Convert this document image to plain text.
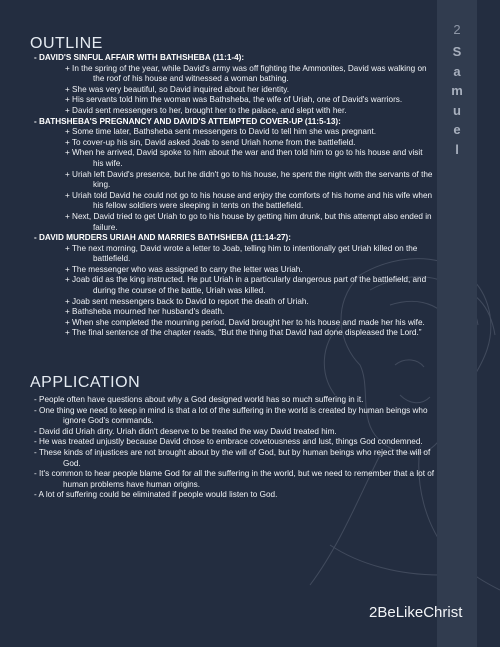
2
S
a
m
u
e
l
OUTLINE
- DAVID'S SINFUL AFFAIR WITH BATHSHEBA (11:1-4):
+ In the spring of the year, while David's army was off fighting the Ammonites, David was walking on the roof of his house and witnessed a woman bathing.
+ She was very beautiful, so David inquired about her identity.
+ His servants told him the woman was Bathsheba, the wife of Uriah, one of David's warriors.
+ David sent messengers to her, brought her to the palace, and slept with her.
- BATHSHEBA'S PREGNANCY AND DAVID'S ATTEMPTED COVER-UP (11:5-13):
+ Some time later, Bathsheba sent messengers to David to tell him she was pregnant.
+ To cover-up his sin, David asked Joab to send Uriah home from the battlefield.
+ When he arrived, David spoke to him about the war and then told him to go to his house and visit his wife.
+ Uriah left David's presence, but he didn't go to his house, he spent the night with the servants of the king.
+ Uriah told David he could not go to his house and enjoy the comforts of his home and his wife when his fellow soldiers were sleeping in tents on the battlefield.
+ Next, David tried to get Uriah to go to his house by getting him drunk, but this attempt also ended in failure.
- DAVID MURDERS URIAH AND MARRIES BATHSHEBA (11:14-27):
+ The next morning, David wrote a letter to Joab, telling him to intentionally get Uriah killed on the battlefield.
+ The messenger who was assigned to carry the letter was Uriah.
+ Joab did as the king instructed. He put Uriah in a particularly dangerous part of the battlefield, and during the course of the battle, Uriah was killed.
+ Joab sent messengers back to David to report the death of Uriah.
+ Bathsheba mourned her husband's death.
+ When she completed the mourning period, David brought her to his house and made her his wife.
+ The final sentence of the chapter reads, “But the thing that David had done displeased the Lord.”
APPLICATION
- People often have questions about why a God designed world has so much suffering in it.
- One thing we need to keep in mind is that a lot of the suffering in the world is created by human beings who ignore God's commands.
- David did Uriah dirty. Uriah didn't deserve to be treated the way David treated him.
- He was treated unjustly because David chose to embrace covetousness and lust, things God condemned.
- These kinds of injustices are not brought about by the will of God, but by human beings who reject the will of God.
- It's common to hear people blame God for all the suffering in the world, but we need to remember that a lot of human problems have human origins.
- A lot of suffering could be eliminated if people would listen to God.
2BeLikeChrist
